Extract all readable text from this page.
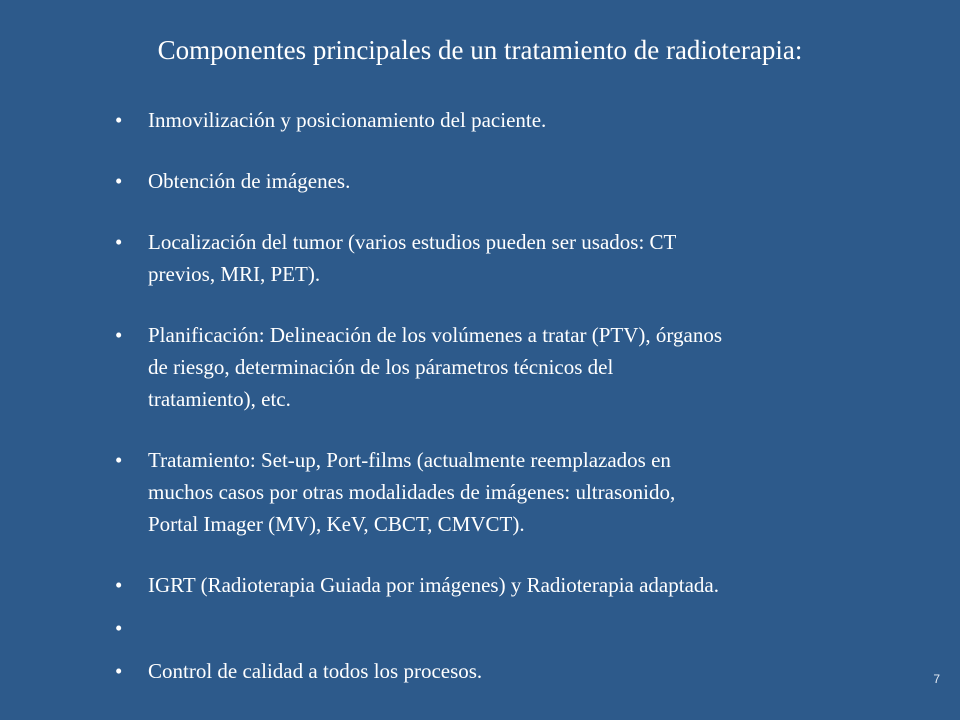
Componentes principales de un tratamiento de radioterapia:
• Inmovilización y posicionamiento del paciente.
• Obtención de imágenes.
• Localización del tumor (varios estudios pueden ser usados: CT
previos, MRI, PET).
• Planificación: Delineación de los volúmenes a tratar (PTV), órganos
de riesgo, determinación de los párametros técnicos del
tratamiento), etc.
• Tratamiento: Set-up, Port-films (actualmente reemplazados en
muchos casos por otras modalidades de imágenes: ultrasonido,
Portal Imager (MV), KeV, CBCT, CMVCT).
• IGRT (Radioterapia Guiada por imágenes) y Radioterapia adaptada.
•

• Control de calidad a todos los procesos.	7
